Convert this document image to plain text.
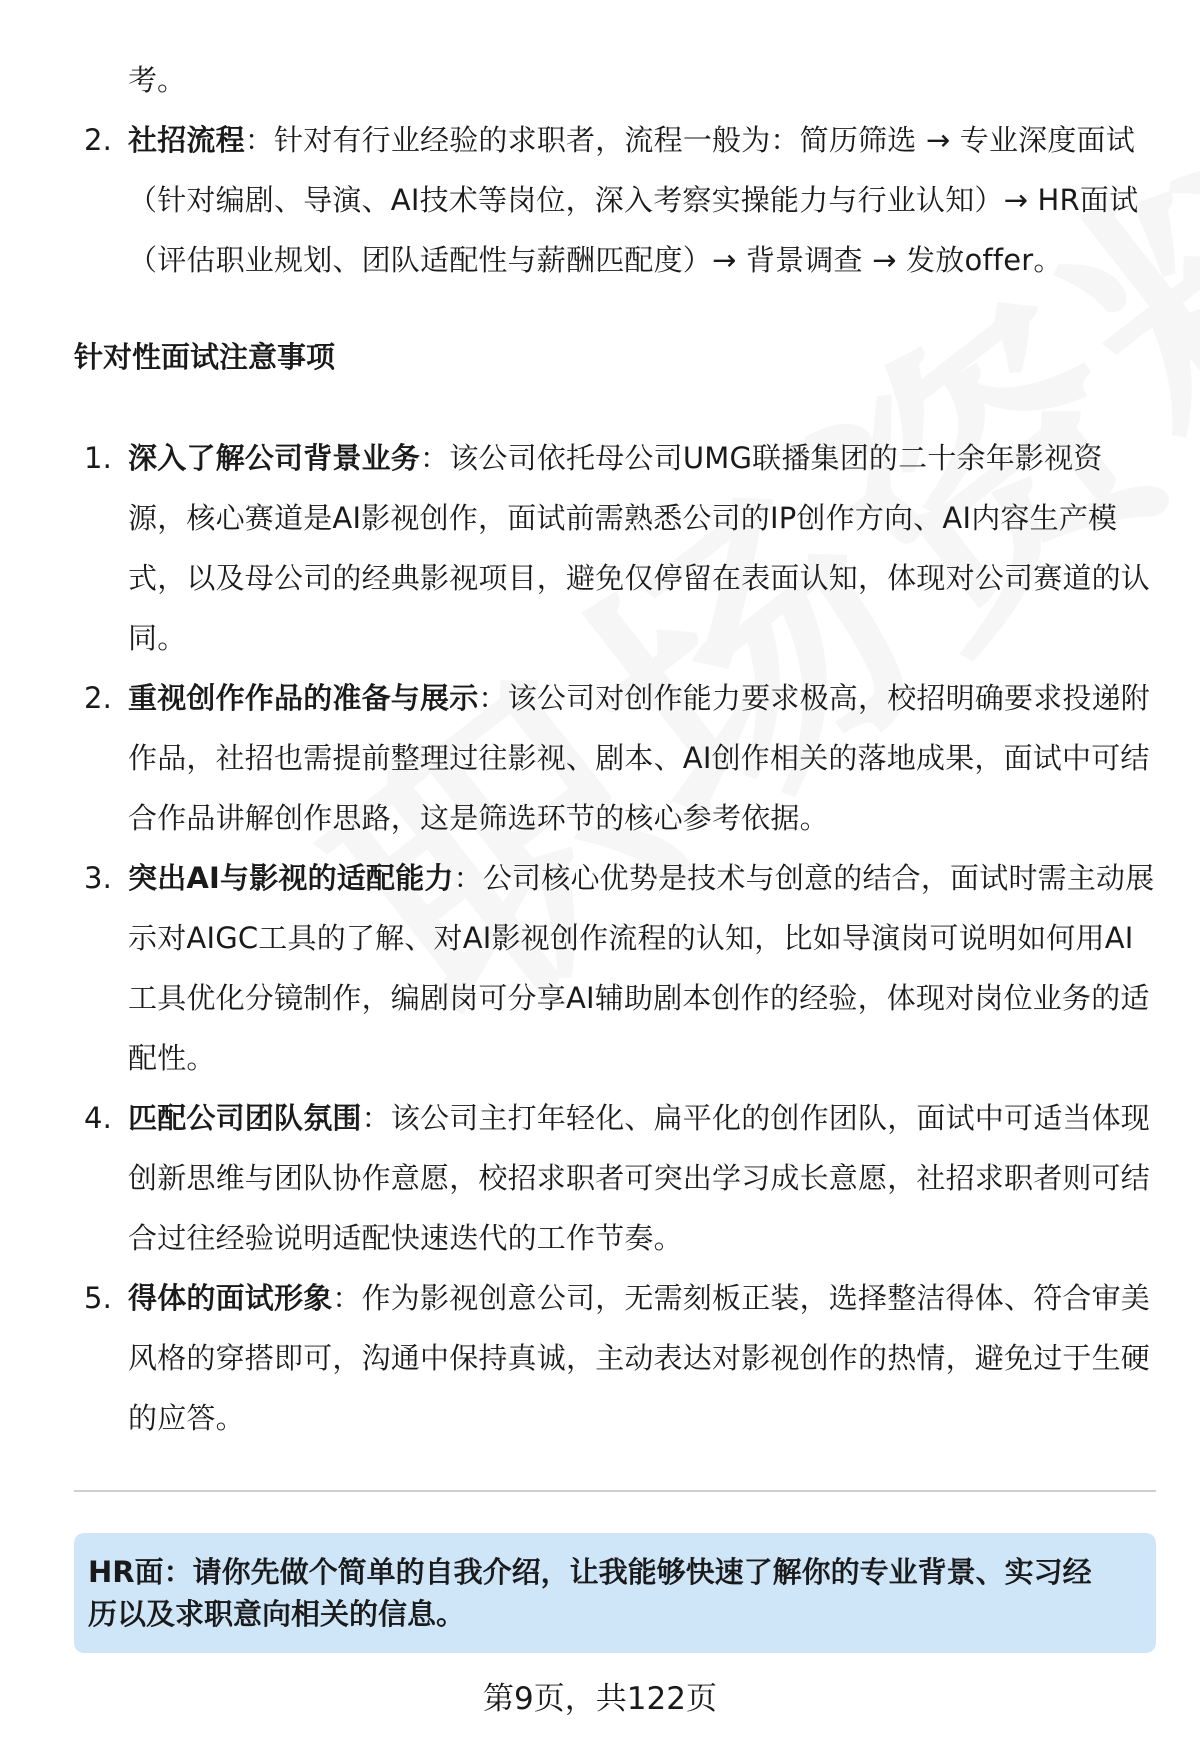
考。
2. 社招流程：针对有行业经验的求职者，流程一般为：简历筛选 → 专业深度面试（针对编剧、导演、AI技术等岗位，深入考察实操能力与行业认知）→ HR面试（评估职业规划、团队适配性与薪酬匹配度）→ 背景调查 → 发放offer。
针对性面试注意事项
1. 深入了解公司背景业务：该公司依托母公司UMG联播集团的二十余年影视资源，核心赛道是AI影视创作，面试前需熟悉公司的IP创作方向、AI内容生产模式，以及母公司的经典影视项目，避免仅停留在表面认知，体现对公司赛道的认同。
2. 重视创作作品的准备与展示：该公司对创作能力要求极高，校招明确要求投递附作品，社招也需提前整理过往影视、剧本、AI创作相关的落地成果，面试中可结合作品讲解创作思路，这是筛选环节的核心参考依据。
3. 突出AI与影视的适配能力：公司核心优势是技术与创意的结合，面试时需主动展示对AIGC工具的了解、对AI影视创作流程的认知，比如导演岗可说明如何用AI工具优化分镜制作，编剧岗可分享AI辅助剧本创作的经验，体现对岗位业务的适配性。
4. 匹配公司团队氛围：该公司主打年轻化、扁平化的创作团队，面试中可适当体现创新思维与团队协作意愿，校招求职者可突出学习成长意愿，社招求职者则可结合过往经验说明适配快速迭代的工作节奏。
5. 得体的面试形象：作为影视创意公司，无需刻板正装，选择整洁得体、符合审美风格的穿搭即可，沟通中保持真诚，主动表达对影视创作的热情，避免过于生硬的应答。
HR面：请你先做个简单的自我介绍，让我能够快速了解你的专业背景、实习经历以及求职意向相关的信息。
第9页，共122页
